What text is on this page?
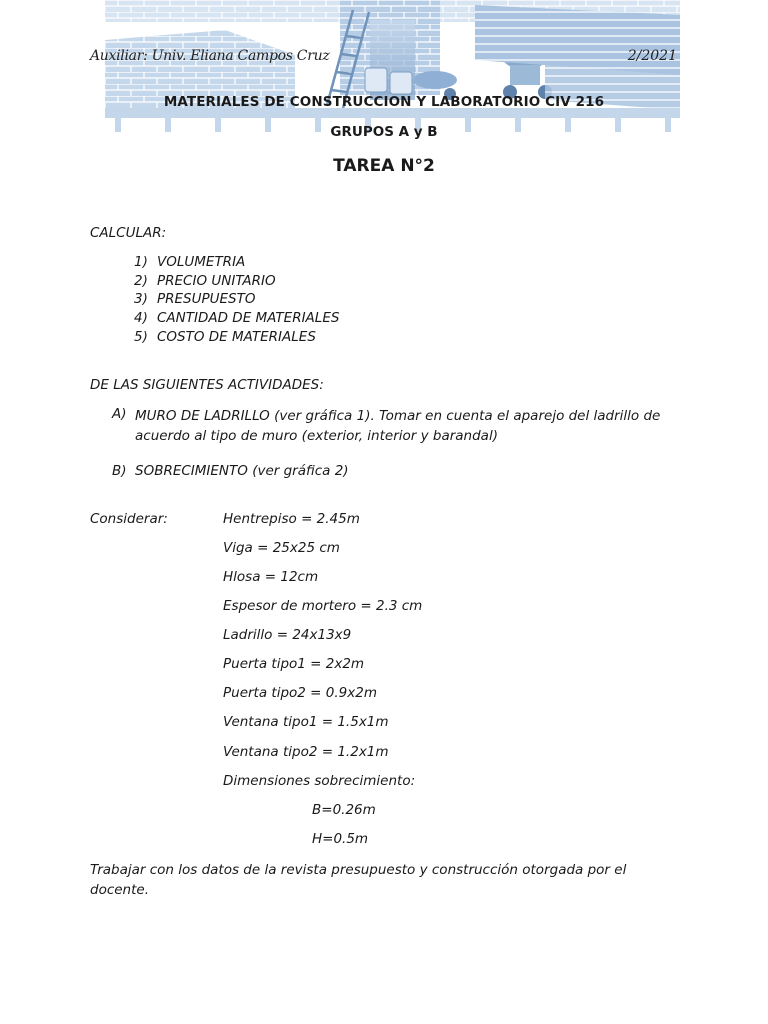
Auxiliar: Univ. Eliana Campos Cruz	2/2021
MATERIALES DE CONSTRUCCION Y LABORATORIO CIV 216
GRUPOS A y B
TAREA N°2
CALCULAR:
1) VOLUMETRIA
2) PRECIO UNITARIO
3) PRESUPUESTO
4) CANTIDAD DE MATERIALES
5) COSTO DE MATERIALES
DE LAS SIGUIENTES ACTIVIDADES:
A) MURO DE LADRILLO (ver gráfica 1). Tomar en cuenta el aparejo del ladrillo de acuerdo al tipo de muro (exterior, interior y barandal)
B) SOBRECIMIENTO (ver gráfica 2)
Considerar:	Hentrepiso = 2.45m
Viga = 25x25 cm
Hlosa = 12cm
Espesor de mortero = 2.3 cm
Ladrillo = 24x13x9
Puerta tipo1 = 2x2m
Puerta tipo2 = 0.9x2m
Ventana tipo1 = 1.5x1m
Ventana tipo2 = 1.2x1m
Dimensiones sobrecimiento:
B=0.26m
H=0.5m
Trabajar con los datos de la revista presupuesto y construcción otorgada por el docente.
